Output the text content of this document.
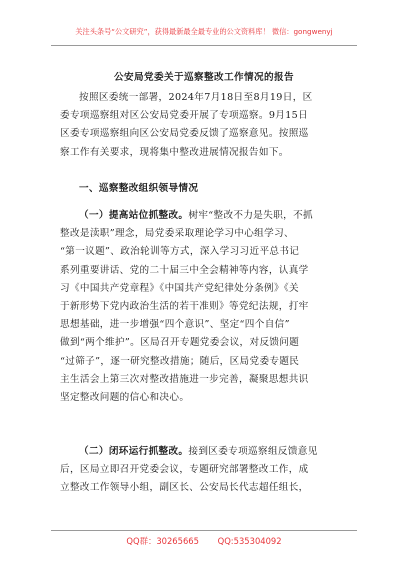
关注头条号“公文研究”，获得最新最全最专业的公文资料库！ 微信：gongwenyj
公安局党委关于巡察整改工作情况的报告
按照区委统一部署，2024年7月18日至8月19日，区
委专项巡察组对区公安局党委开展了专项巡察。9月15日
区委专项巡察组向区公安局党委反馈了巡察意见。按照巡
察工作有关要求，现将集中整改进展情况报告如下。
一、巡察整改组织领导情况
（一）提高站位抓整改。树牢“整改不力是失职，不抓
整改是渎职”理念，局党委采取理论学习中心组学习、
“第一议题”、政治轮训等方式，深入学习习近平总书记
系列重要讲话、党的二十届三中全会精神等内容，认真学
习《中国共产党章程》《中国共产党纪律处分条例》《关
于新形势下党内政治生活的若干准则》等党纪法规，打牢
思想基础，进一步增强“四个意识”、坚定“四个自信”
做到“两个维护”。区局召开专题党委会议，对反馈问题
“过筛子”，逐一研究整改措施；随后，区局党委专题民
主生活会上第三次对整改措施进一步完善，凝聚思想共识
坚定整改问题的信心和决心。
（二）闭环运行抓整改。接到区委专项巡察组反馈意见
后，区局立即召开党委会议，专题研究部署整改工作，成
立整改工作领导小组，副区长、公安局长代志超任组长，
QQ群：30265665 QQ:535304092
